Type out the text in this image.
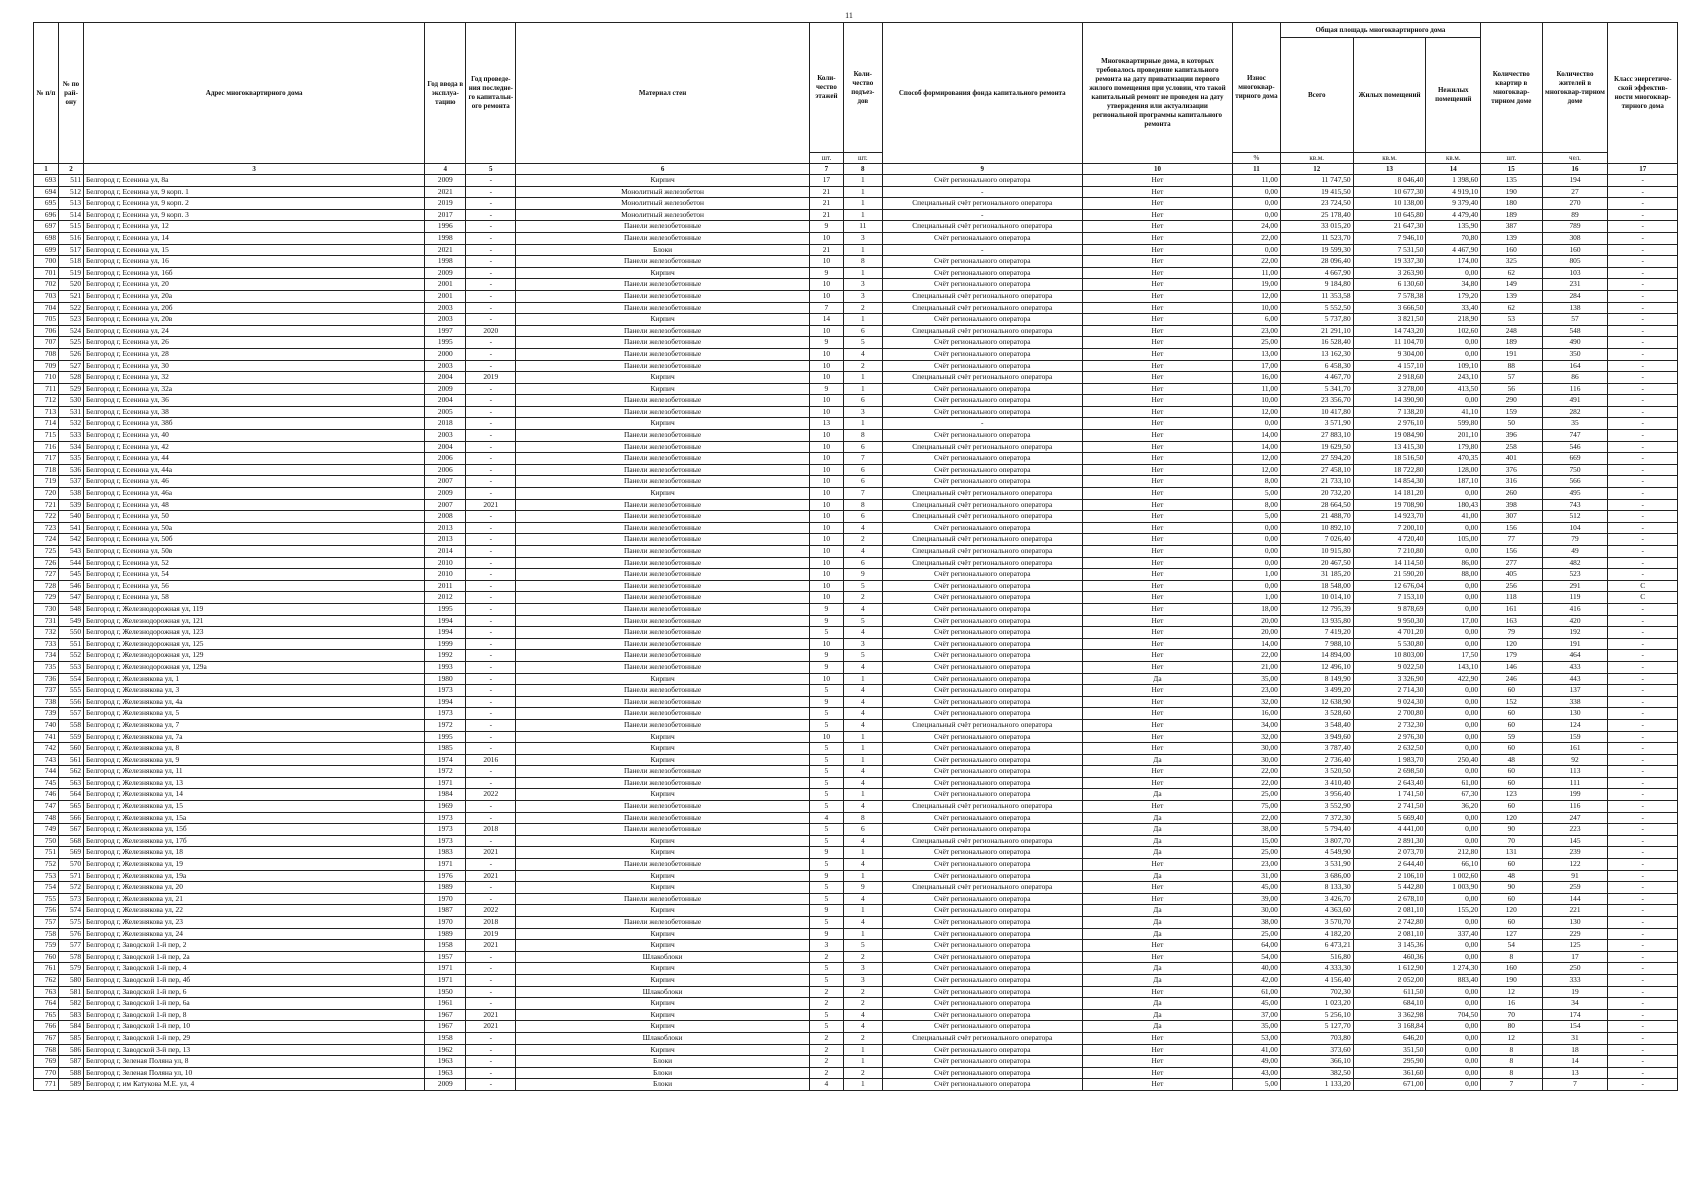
11
№ п/п	№ по рай-ону	Адрес многоквартирного дома	Год ввода в эксплуа-тацию	Год проведе-ния последне-го капитальн-ого ремонта	Материал стен	Коли-чество этажей	Коли-чество подъез-дов	Способ формирования фонда капитального ремонта	Многоквартирные дома, в которых требовалось проведение капитального ремонта на дату приватизации первого жилого помещения при условии, что такой капитальный ремонт не проведен на дату утверждения или актуализации региональной программы капитального ремонта	Износ многоквар-тирного дома	Общая площадь многоквартирного дома			Количество квартир в многоквар-тирном доме	Количество жителей в многоквар-тирном доме	Класс энергетиче-ской эффектив-ности многоквар-тирного дома
											Всего	Жилых помещений	Нежилых помещений			
						шт.	шт.			%	кв.м.	кв.м.	кв.м.	шт.	чел.	
1	2	3	4	5	6	7	8	9	10	11	12	13	14	15	16	17
693	511	Белгород г, Есенина ул, 8а	2009	-	Кирпич	17	1	Счёт регионального оператора	Нет	11,00	11 747,50	8 046,40	1 398,60	135	194	-
694	512	Белгород г, Есенина ул, 9 корп. 1	2021	-	Монолитный железобетон	21	1	-	Нет	0,00	19 415,50	10 677,30	4 919,10	190	27	-
695	513	Белгород г, Есенина ул, 9 корп. 2	2019	-	Монолитный железобетон	21	1	Специальный счёт регионального оператора	Нет	0,00	23 724,50	10 138,00	9 379,40	180	270	-
696	514	Белгород г, Есенина ул, 9 корп. 3	2017	-	Монолитный железобетон	21	1	-	Нет	0,00	25 178,40	10 645,80	4 479,40	189	89	-
697	515	Белгород г, Есенина ул, 12	1996	-	Панели железобетонные	9	11	Специальный счёт регионального оператора	Нет	24,00	33 015,20	21 647,30	135,90	387	789	-
698	516	Белгород г, Есенина ул, 14	1998	-	Панели железобетонные	10	3	Счёт регионального оператора	Нет	22,00	11 523,70	7 946,10	70,80	139	308	-
699	517	Белгород г, Есенина ул, 15	2021	-	Блоки	21	1	-	Нет	0,00	19 599,30	7 531,50	4 467,90	160	160	-
700	518	Белгород г, Есенина ул, 16	1998	-	Панели железобетонные	10	8	Счёт регионального оператора	Нет	22,00	28 096,40	19 337,30	174,00	325	805	-
701	519	Белгород г, Есенина ул, 16б	2009	-	Кирпич	9	1	Счёт регионального оператора	Нет	11,00	4 667,90	3 263,90	0,00	62	103	-
702	520	Белгород г, Есенина ул, 20	2001	-	Панели железобетонные	10	3	Счёт регионального оператора	Нет	19,00	9 184,80	6 130,60	34,80	149	231	-
703	521	Белгород г, Есенина ул, 20а	2001	-	Панели железобетонные	10	3	Специальный счёт регионального оператора	Нет	12,00	11 353,58	7 578,38	179,20	139	284	-
704	522	Белгород г, Есенина ул, 20б	2003	-	Панели железобетонные	7	2	Специальный счёт регионального оператора	Нет	10,00	5 552,50	3 666,50	33,40	62	138	-
705	523	Белгород г, Есенина ул, 20в	2003	-	Кирпич	14	1	Счёт регионального оператора	Нет	6,00	5 737,80	3 821,50	218,90	53	57	-
706	524	Белгород г, Есенина ул, 24	1997	2020	Панели железобетонные	10	6	Специальный счёт регионального оператора	Нет	23,00	21 291,10	14 743,20	102,60	248	548	-
707	525	Белгород г, Есенина ул, 26	1995	-	Панели железобетонные	9	5	Счёт регионального оператора	Нет	25,00	16 528,40	11 104,70	0,00	189	490	-
708	526	Белгород г, Есенина ул, 28	2000	-	Панели железобетонные	10	4	Счёт регионального оператора	Нет	13,00	13 162,30	9 304,00	0,00	191	350	-
709	527	Белгород г, Есенина ул, 30	2003	-	Панели железобетонные	10	2	Счёт регионального оператора	Нет	17,00	6 458,30	4 157,10	109,10	88	164	-
710	528	Белгород г, Есенина ул, 32	2004	2019	Кирпич	10	1	Специальный счёт регионального оператора	Нет	16,00	4 467,70	2 918,60	243,10	57	86	-
711	529	Белгород г, Есенина ул, 32а	2009	-	Кирпич	9	1	Счёт регионального оператора	Нет	11,00	5 341,70	3 278,00	413,50	56	116	-
712	530	Белгород г, Есенина ул, 36	2004	-	Панели железобетонные	10	6	Счёт регионального оператора	Нет	10,00	23 356,70	14 390,90	0,00	290	491	-
713	531	Белгород г, Есенина ул, 38	2005	-	Панели железобетонные	10	3	Счёт регионального оператора	Нет	12,00	10 417,80	7 138,20	41,10	159	282	-
714	532	Белгород г, Есенина ул, 38б	2018	-	Кирпич	13	1	-	Нет	0,00	3 571,90	2 976,10	599,80	50	35	-
715	533	Белгород г, Есенина ул, 40	2003	-	Панели железобетонные	10	8	Счёт регионального оператора	Нет	14,00	27 883,10	19 084,90	201,10	396	747	-
716	534	Белгород г, Есенина ул, 42	2004	-	Панели железобетонные	10	6	Специальный счёт регионального оператора	Нет	14,00	19 629,50	13 415,30	179,80	258	546	-
717	535	Белгород г, Есенина ул, 44	2006	-	Панели железобетонные	10	7	Счёт регионального оператора	Нет	12,00	27 594,20	18 516,50	470,35	401	669	-
718	536	Белгород г, Есенина ул, 44а	2006	-	Панели железобетонные	10	6	Счёт регионального оператора	Нет	12,00	27 458,10	18 722,80	128,00	376	750	-
719	537	Белгород г, Есенина ул, 46	2007	-	Панели железобетонные	10	6	Счёт регионального оператора	Нет	8,00	21 733,10	14 854,30	187,10	316	566	-
720	538	Белгород г, Есенина ул, 46а	2009	-	Кирпич	10	7	Специальный счёт регионального оператора	Нет	5,00	20 732,20	14 181,20	0,00	260	495	-
721	539	Белгород г, Есенина ул, 48	2007	2021	Панели железобетонные	10	8	Специальный счёт регионального оператора	Нет	8,00	28 664,50	19 708,90	180,43	398	743	-
722	540	Белгород г, Есенина ул, 50	2008	-	Панели железобетонные	10	6	Специальный счёт регионального оператора	Нет	5,00	21 488,70	14 923,70	41,00	307	512	-
723	541	Белгород г, Есенина ул, 50а	2013	-	Панели железобетонные	10	4	Счёт регионального оператора	Нет	0,00	10 892,10	7 200,10	0,00	156	104	-
724	542	Белгород г, Есенина ул, 50б	2013	-	Панели железобетонные	10	2	Специальный счёт регионального оператора	Нет	0,00	7 026,40	4 720,40	105,00	77	79	-
725	543	Белгород г, Есенина ул, 50в	2014	-	Панели железобетонные	10	4	Специальный счёт регионального оператора	Нет	0,00	10 915,80	7 210,80	0,00	156	49	-
726	544	Белгород г, Есенина ул, 52	2010	-	Панели железобетонные	10	6	Специальный счёт регионального оператора	Нет	0,00	20 467,50	14 114,50	86,00	277	482	-
727	545	Белгород г, Есенина ул, 54	2010	-	Панели железобетонные	10	9	Счёт регионального оператора	Нет	1,00	31 185,20	21 590,20	88,00	405	523	-
728	546	Белгород г, Есенина ул, 56	2011	-	Панели железобетонные	10	5	Счёт регионального оператора	Нет	0,00	18 548,00	12 676,04	0,00	256	291	C
729	547	Белгород г, Есенина ул, 58	2012	-	Панели железобетонные	10	2	Счёт регионального оператора	Нет	1,00	10 014,10	7 153,10	0,00	118	119	C
730	548	Белгород г, Железнодорожная ул, 119	1995	-	Панели железобетонные	9	4	Счёт регионального оператора	Нет	18,00	12 795,39	9 878,69	0,00	161	416	-
731	549	Белгород г, Железнодорожная ул, 121	1994	-	Панели железобетонные	9	5	Счёт регионального оператора	Нет	20,00	13 935,80	9 950,30	17,00	163	420	-
732	550	Белгород г, Железнодорожная ул, 123	1994	-	Панели железобетонные	5	4	Счёт регионального оператора	Нет	20,00	7 419,20	4 701,20	0,00	79	192	-
733	551	Белгород г, Железнодорожная ул, 125	1999	-	Панели железобетонные	10	3	Счёт регионального оператора	Нет	14,00	7 988,10	5 530,80	0,00	120	191	-
734	552	Белгород г, Железнодорожная ул, 129	1992	-	Панели железобетонные	9	5	Счёт регионального оператора	Нет	22,00	14 894,00	10 803,00	17,50	179	464	-
735	553	Белгород г, Железнодорожная ул, 129а	1993	-	Панели железобетонные	9	4	Счёт регионального оператора	Нет	21,00	12 496,10	9 022,50	143,10	146	433	-
736	554	Белгород г, Железнякова ул, 1	1980	-	Кирпич	10	1	Счёт регионального оператора	Да	35,00	8 149,90	3 326,90	422,90	246	443	-
737	555	Белгород г, Железнякова ул, 3	1973	-	Панели железобетонные	5	4	Счёт регионального оператора	Нет	23,00	3 499,20	2 714,30	0,00	60	137	-
738	556	Белгород г, Железнякова ул, 4а	1994	-	Панели железобетонные	9	4	Счёт регионального оператора	Нет	32,00	12 638,90	9 024,30	0,00	152	338	-
739	557	Белгород г, Железнякова ул, 5	1973	-	Панели железобетонные	5	4	Счёт регионального оператора	Нет	16,00	3 528,60	2 700,80	0,00	60	130	-
740	558	Белгород г, Железнякова ул, 7	1972	-	Панели железобетонные	5	4	Специальный счёт регионального оператора	Нет	34,00	3 548,40	2 732,30	0,00	60	124	-
741	559	Белгород г, Железнякова ул, 7а	1995	-	Кирпич	10	1	Счёт регионального оператора	Нет	32,00	3 949,60	2 976,30	0,00	59	159	-
742	560	Белгород г, Железнякова ул, 8	1985	-	Кирпич	5	1	Счёт регионального оператора	Нет	30,00	3 787,40	2 632,50	0,00	60	161	-
743	561	Белгород г, Железнякова ул, 9	1974	2016	Кирпич	5	1	Счёт регионального оператора	Да	30,00	2 736,40	1 983,70	250,40	48	92	-
744	562	Белгород г, Железнякова ул, 11	1972	-	Панели железобетонные	5	4	Счёт регионального оператора	Нет	22,00	3 520,50	2 698,50	0,00	60	113	-
745	563	Белгород г, Железнякова ул, 13	1971	-	Панели железобетонные	5	4	Счёт регионального оператора	Нет	22,00	3 410,40	2 643,40	61,00	60	111	-
746	564	Белгород г, Железнякова ул, 14	1984	2022	Кирпич	5	1	Счёт регионального оператора	Да	25,00	3 956,40	1 741,50	67,30	123	199	-
747	565	Белгород г, Железнякова ул, 15	1969	-	Панели железобетонные	5	4	Специальный счёт регионального оператора	Нет	75,00	3 552,90	2 741,50	36,20	60	116	-
748	566	Белгород г, Железнякова ул, 15а	1973	-	Панели железобетонные	4	8	Счёт регионального оператора	Да	22,00	7 372,30	5 669,40	0,00	120	247	-
749	567	Белгород г, Железнякова ул, 15б	1973	2018	Панели железобетонные	5	6	Счёт регионального оператора	Да	38,00	5 794,40	4 441,00	0,00	90	223	-
750	568	Белгород г, Железнякова ул, 17б	1973	-	Кирпич	5	4	Специальный счёт регионального оператора	Да	15,00	3 807,70	2 891,30	0,00	70	145	-
751	569	Белгород г, Железнякова ул, 18	1983	2021	Кирпич	9	1	Счёт регионального оператора	Да	25,00	4 549,90	2 073,70	212,80	131	239	-
752	570	Белгород г, Железнякова ул, 19	1971	-	Панели железобетонные	5	4	Счёт регионального оператора	Нет	23,00	3 531,90	2 644,40	66,10	60	122	-
753	571	Белгород г, Железнякова ул, 19а	1976	2021	Кирпич	9	1	Счёт регионального оператора	Да	31,00	3 686,00	2 106,10	1 002,60	48	91	-
754	572	Белгород г, Железнякова ул, 20	1989	-	Кирпич	5	9	Специальный счёт регионального оператора	Нет	45,00	8 133,30	5 442,80	1 003,90	90	259	-
755	573	Белгород г, Железнякова ул, 21	1970	-	Панели железобетонные	5	4	Счёт регионального оператора	Нет	39,00	3 426,70	2 678,10	0,00	60	144	-
756	574	Белгород г, Железнякова ул, 22	1987	2022	Кирпич	9	1	Счёт регионального оператора	Да	30,00	4 363,60	2 081,10	155,20	120	221	-
757	575	Белгород г, Железнякова ул, 23	1970	2018	Панели железобетонные	5	4	Счёт регионального оператора	Да	38,00	3 570,70	2 742,80	0,00	60	130	-
758	576	Белгород г, Железнякова ул, 24	1989	2019	Кирпич	9	1	Счёт регионального оператора	Да	25,00	4 182,20	2 081,10	337,40	127	229	-
759	577	Белгород г, Заводской 1-й пер, 2	1958	2021	Кирпич	3	5	Счёт регионального оператора	Нет	64,00	6 473,21	3 145,36	0,00	54	125	-
760	578	Белгород г, Заводской 1-й пер, 2а	1957	-	Шлакоблоки	2	2	Счёт регионального оператора	Нет	54,00	516,80	460,36	0,00	8	17	-
761	579	Белгород г, Заводской 1-й пер, 4	1971	-	Кирпич	5	3	Счёт регионального оператора	Да	40,00	4 333,30	1 612,90	1 274,30	160	250	-
762	580	Белгород г, Заводской 1-й пер, 4б	1971	-	Кирпич	5	3	Счёт регионального оператора	Да	42,00	4 156,40	2 052,00	883,40	190	333	-
763	581	Белгород г, Заводской 1-й пер, 6	1950	-	Шлакоблоки	2	2	Счёт регионального оператора	Нет	61,00	702,30	611,50	0,00	12	19	-
764	582	Белгород г, Заводской 1-й пер, 6а	1961	-	Кирпич	2	2	Счёт регионального оператора	Да	45,00	1 023,20	684,10	0,00	16	34	-
765	583	Белгород г, Заводской 1-й пер, 8	1967	2021	Кирпич	5	4	Счёт регионального оператора	Да	37,00	5 256,10	3 362,98	704,50	70	174	-
766	584	Белгород г, Заводской 1-й пер, 10	1967	2021	Кирпич	5	4	Счёт регионального оператора	Да	35,00	5 127,70	3 168,84	0,00	80	154	-
767	585	Белгород г, Заводской 1-й пер, 29	1958	-	Шлакоблоки	2	2	Специальный счёт регионального оператора	Нет	53,00	703,80	646,20	0,00	12	31	-
768	586	Белгород г, Заводской 3-й пер, 13	1962	-	Кирпич	2	1	Счёт регионального оператора	Нет	41,00	373,60	351,50	0,00	8	18	-
769	587	Белгород г, Зеленая Поляна ул, 8	1963	-	Блоки	2	1	Счёт регионального оператора	Нет	49,00	366,10	295,90	0,00	8	14	-
770	588	Белгород г, Зеленая Поляна ул, 10	1963	-	Блоки	2	2	Счёт регионального оператора	Нет	43,00	382,50	361,60	0,00	8	13	-
771	589	Белгород г, им Катукова М.Е. ул, 4	2009	-	Блоки	4	1	Счёт регионального оператора	Нет	5,00	1 133,20	671,00	0,00	7	7	-
